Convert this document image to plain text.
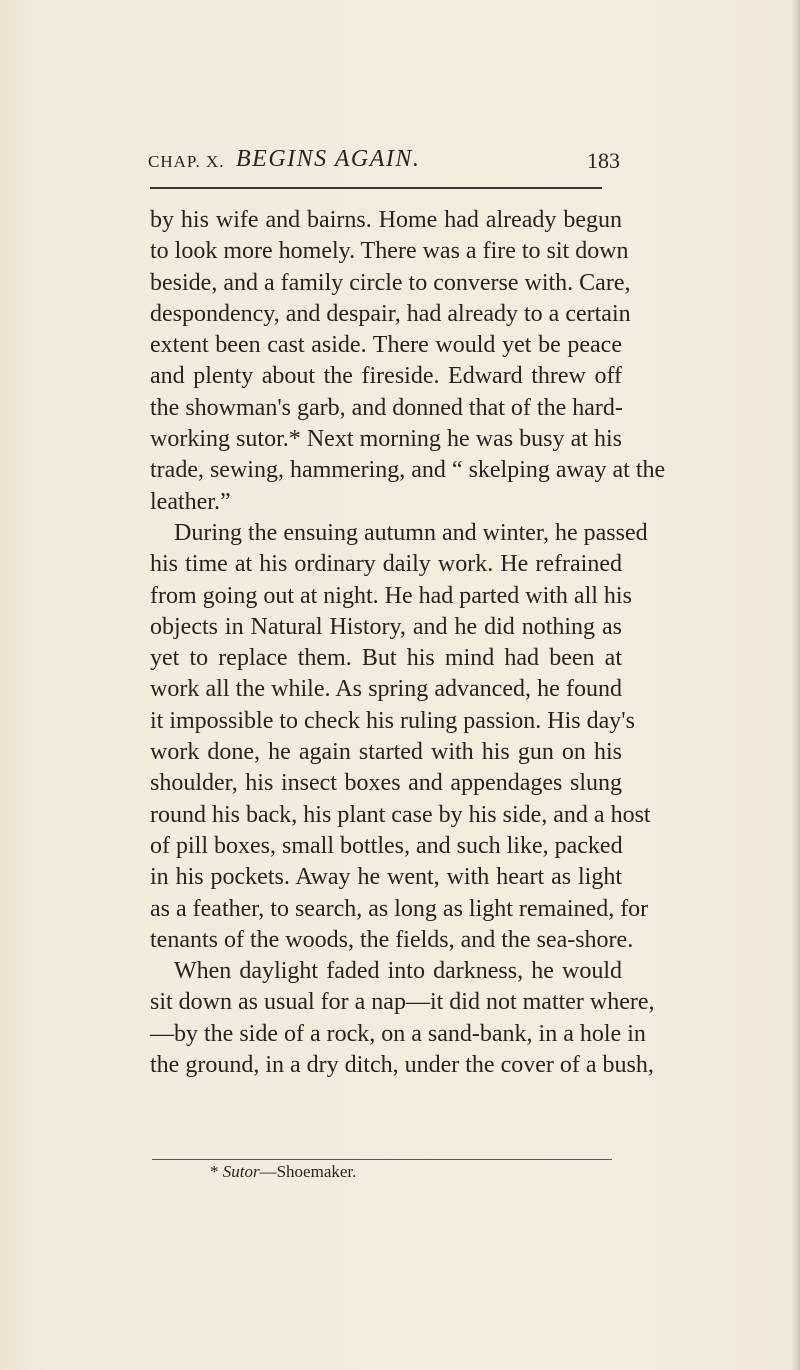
CHAP. X. BEGINS AGAIN.	183
by his wife and bairns. Home had already begun
to look more homely. There was a fire to sit down
beside, and a family circle to converse with. Care,
despondency, and despair, had already to a certain
extent been cast aside. There would yet be peace
and plenty about the fireside. Edward threw off
the showman's garb, and donned that of the hard-
working sutor.* Next morning he was busy at his
trade, sewing, hammering, and “ skelping away at the
leather.”
During the ensuing autumn and winter, he passed
his time at his ordinary daily work. He refrained
from going out at night. He had parted with all his
objects in Natural History, and he did nothing as
yet to replace them. But his mind had been at
work all the while. As spring advanced, he found
it impossible to check his ruling passion. His day's
work done, he again started with his gun on his
shoulder, his insect boxes and appendages slung
round his back, his plant case by his side, and a host
of pill boxes, small bottles, and such like, packed
in his pockets. Away he went, with heart as light
as a feather, to search, as long as light remained, for
tenants of the woods, the fields, and the sea-shore.
When daylight faded into darkness, he would
sit down as usual for a nap—it did not matter where,
—by the side of a rock, on a sand-bank, in a hole in
the ground, in a dry ditch, under the cover of a bush,
* Sutor—Shoemaker.
